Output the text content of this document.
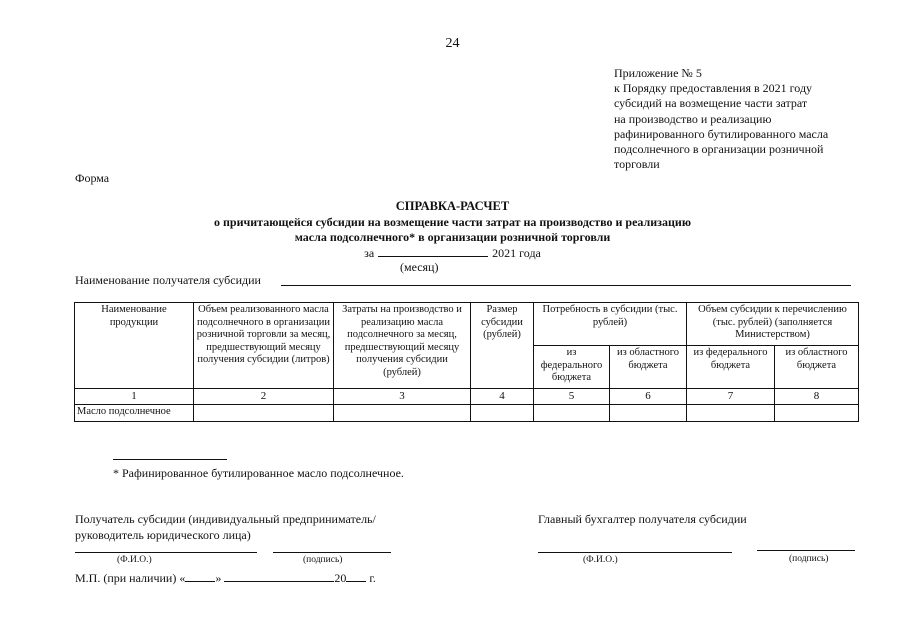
24
Приложение № 5
к Порядку предоставления в 2021 году
субсидий на возмещение части затрат
на производство и реализацию
рафинированного бутилированного масла
подсолнечного в организации розничной
торговли
Форма
СПРАВКА-РАСЧЕТ
о причитающейся субсидии на возмещение части затрат на производство и реализацию
масла подсолнечного* в организации розничной торговли
за	2021 года
(месяц)
Наименование получателя субсидии
Наименование продукции	Объем реализованного масла подсолнечного в организации розничной торговли за месяц, предшествующий месяцу получения субсидии (литров)	Затраты на производство и реализацию масла подсолнечного за месяц, предшествующий месяцу получения субсидии (рублей)	Размер субсидии (рублей)	Потребность в субсидии (тыс. рублей)		Объем субсидии к перечислению (тыс. рублей) (заполняется Министерством)	
				из федерального бюджета	из областного бюджета	из федерального бюджета	из областного бюджета
1	2	3	4	5	6	7	8
Масло подсолнечное							
* Рафинированное бутилированное масло подсолнечное.
Получатель субсидии (индивидуальный предприниматель/
руководитель юридического лица)
Главный бухгалтер получателя субсидии
(Ф.И.О.)	(подпись)	(Ф.И.О.)	(подпись)
М.П. (при наличии) «	»	20 г.
